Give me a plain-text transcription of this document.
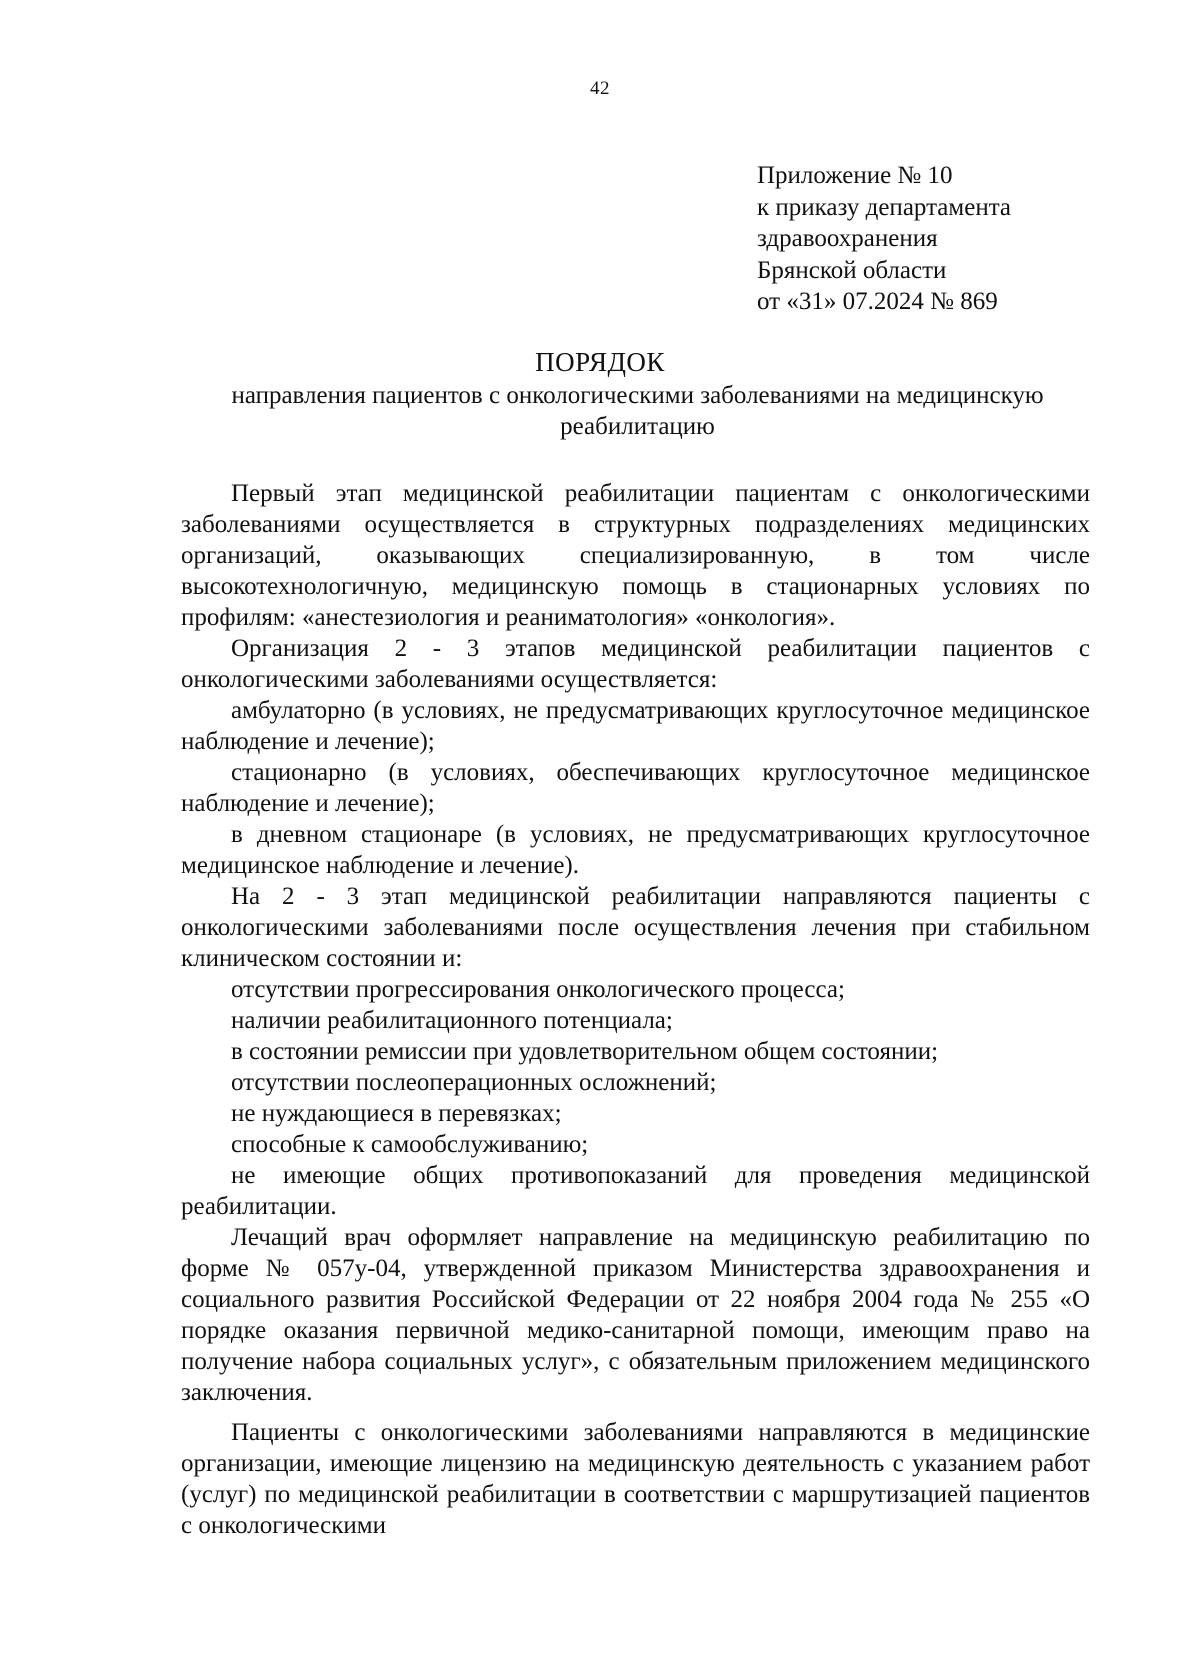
42
Приложение № 10
к приказу департамента
здравоохранения
Брянской области
от «31» 07.2024 № 869
ПОРЯДОК
направления пациентов с онкологическими заболеваниями на медицинскую реабилитацию

Первый этап медицинской реабилитации пациентам с онкологическими заболеваниями осуществляется в структурных подразделениях медицинских организаций, оказывающих специализированную, в том числе высокотехнологичную, медицинскую помощь в стационарных условиях по профилям: «анестезиология и реаниматология» «онкология».

Организация 2 - 3 этапов медицинской реабилитации пациентов с онкологическими заболеваниями осуществляется:

амбулаторно (в условиях, не предусматривающих круглосуточное медицинское наблюдение и лечение);

стационарно (в условиях, обеспечивающих круглосуточное медицинское наблюдение и лечение);

в дневном стационаре (в условиях, не предусматривающих круглосуточное медицинское наблюдение и лечение).

На 2 - 3 этап медицинской реабилитации направляются пациенты с онкологическими заболеваниями после осуществления лечения при стабильном клиническом состоянии и:

отсутствии прогрессирования онкологического процесса;

наличии реабилитационного потенциала;

в состоянии ремиссии при удовлетворительном общем состоянии;

отсутствии послеоперационных осложнений;

не нуждающиеся в перевязках;

способные к самообслуживанию;

не имеющие общих противопоказаний для проведения медицинской реабилитации.

Лечащий врач оформляет направление на медицинскую реабилитацию по форме № 057у-04, утвержденной приказом Министерства здравоохранения и социального развития Российской Федерации от 22 ноября 2004 года № 255 «О порядке оказания первичной медико-санитарной помощи, имеющим право на получение набора социальных услуг», с обязательным приложением медицинского заключения.

Пациенты с онкологическими заболеваниями направляются в медицинские организации, имеющие лицензию на медицинскую деятельность с указанием работ (услуг) по медицинской реабилитации в соответствии с маршрутизацией пациентов с онкологическими
